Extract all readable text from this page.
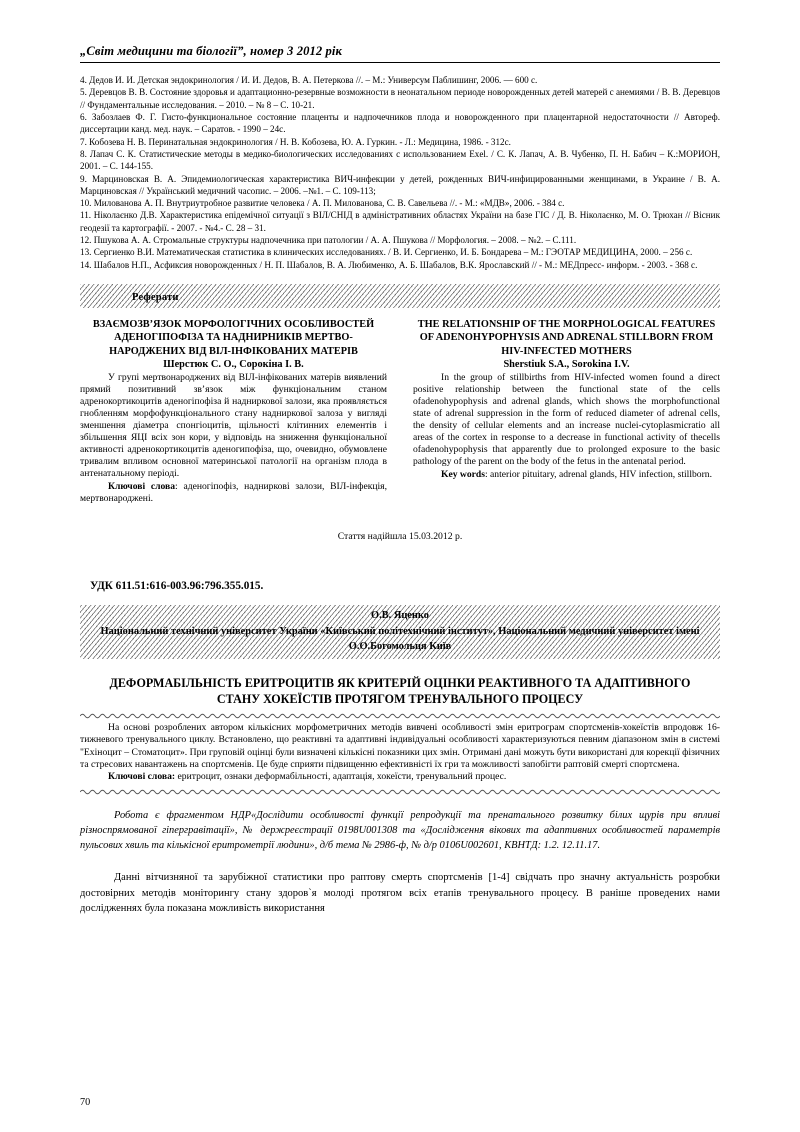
„Світ медицини та біології”, номер 3 2012 рік

4. Дедов И. И. Детская эндокринология / И. И. Дедов, В. А. Петеркова //. – М.: Универсум Паблишинг, 2006. — 600 с.

5. Деревцов В. В. Состояние здоровья и адаптационно-резервные возможности в неонатальном периоде новорожденных детей матерей с анемиями / В. В. Деревцов // Фундаментальные исследования. – 2010. – № 8 – С. 10-21.

6. Забозлаев Ф. Г. Гисто-функциональное состояние плаценты и надпочечников плода и новорожденного при плацентарной недостаточности // Автореф. диссертации канд. мед. наук. – Саратов. - 1990 – 24с.

7. Кобозева Н. В. Перинатальная эндокринология / Н. В. Кобозева, Ю. А. Гуркин. - Л.: Медицина, 1986. - 312с.

8. Лапач С. К. Статистические методы в медико-биологических исследованиях с использованием Exel. / С. К. Лапач, А. В. Чубенко, П. Н. Бабич – К.:МОРИОН, 2001. – С. 144-155.

9. Марциновская В. А. Эпидемиологическая характеристика ВИЧ-инфекции у детей, рожденных ВИЧ-инфицированными женщинами, в Украине / В. А. Марциновская // Український медичний часопис. – 2006. –№1. – С. 109-113;

10. Милованова А. П. Внутриутробное развитие человека / А. П. Милованова, С. В. Савельева //. - М.: «МДВ», 2006. - 384 с.

11. Ніколаєнко Д.В. Характеристика епідемічної ситуації з ВІЛ/СНІД в адміністративних областях України на базе ГІС / Д. В. Ніколаєнко, М. О. Трюхан // Вісник геодезії та картографії. - 2007. - №4.- С. 28 – 31.

12. Пшукова А. А. Стромальные структуры надпочечника при патологии / А. А. Пшукова // Морфология. – 2008. – №2. – С.111.

13. Сергиенко В.И. Математическая статистика в клинических исследованиях. / В. И. Сергиенко, И. Б. Бондарева – М.: ГЭОТАР МЕДИЦИНА, 2000. – 256 с.

14. Шабалов Н.П., Асфиксия новорожденных / Н. П. Шабалов, В. А. Любименко, А. Б. Шабалов, В.К. Ярославский // - М.: МЕДпресс- информ. - 2003. - 368 с.

Реферати
ВЗАЄМОЗВ’ЯЗОК МОРФОЛОГІЧНИХ ОСОБЛИВОСТЕЙ АДЕНОГІПОФІЗА ТА НАДНИРНИКІВ МЕРТВО-НАРОДЖЕНИХ ВІД ВІЛ-ІНФІКОВАНИХ МАТЕРІВ
Шерстюк С. О., Сорокіна І. В.
У групі мертвонароджених від ВІЛ-інфікованих матерів виявлений прямий позитивний зв’язок між функціональним станом адренокортикоцитів аденогіпофіза й надниркової залози, яка проявляється гнобленням морфофункціонального стану надниркової залоза у вигляді зменшення діаметра спонгіоцитів, щільності клітинних елементів і збільшення ЯЦІ всіх зон кори, у відповідь на зниження функціональної активності адренокортикоцитів аденогипофіза, що, очевидно, обумовлене тривалим впливом основної материнської патології на організм плода в антенатальному періоді.
Ключові слова: аденогіпофіз, надниркові залози, ВІЛ-інфекція, мертвонароджені.
THE RELATIONSHIP OF THE MORPHOLOGICAL FEATURES OF ADENOHYPOPHYSIS AND ADRENAL STILLBORN FROM HIV-INFECTED MOTHERS
Sherstiuk S.A., Sorokina I.V.
In the group of stillbirths from HIV-infected women found a direct positive relationship between the functional state of the cells ofadenohypophysis and adrenal glands, which shows the morphofunctional state of adrenal suppression in the form of reduced diameter of adrenal cells, the density of cellular elements and an increase nuclei-cytoplasmicratio all areas of the cortex in response to a decrease in functional activity of thecells ofadenohypophysis that apparently due to prolonged exposure to the basic pathology of the parent on the body of the fetus in the antenatal period.
Key words: anterior pituitary, adrenal glands, HIV infection, stillborn.
Стаття надійшла 15.03.2012 р.
УДК 611.51:616-003.96:796.355.015.
О.В. Яценко
Національний технічний університет України «Київський політехнічний інститут», Національний медичний університет імені О.О.Богомольця Київ
ДЕФОРМАБІЛЬНІСТЬ ЕРИТРОЦИТІВ ЯК КРИТЕРІЙ ОЦІНКИ РЕАКТИВНОГО ТА АДАПТИВНОГО СТАНУ ХОКЕЇСТІВ ПРОТЯГОМ ТРЕНУВАЛЬНОГО ПРОЦЕСУ
На основі розроблених автором кількісних морфометричних методів вивчені особливості змін еритрограм спортсменів-хокеїстів впродовж 16-тижневого тренувального циклу. Встановлено, що реактивні та адаптивні індивідуальні особливості характеризуються певним діапазоном змін в системі "Ехіноцит – Стоматоцит». При груповій оцінці були визначені кількісні показники цих змін. Отримані дані можуть бути використані для корекції фізичних та стресових навантажень на спортсменів. Це буде сприяти підвищенню ефективністі їх гри та можливості запобігти раптовій смерті спортсмена.
Ключові слова: еритроцит, ознаки деформабільності, адаптація, хокеїсти, тренувальний процес.
Робота є фрагментом НДР«Дослідити особливості функції репродукції та пренатального розвитку білих щурів при впливі різноспрямованої гіпергравітації», № держреєстрації 0198U001308 та «Дослідження вікових та адаптивних особливостей параметрів пульсових хвиль та кількісної еритрометрії людини», д/б тема № 2986-ф, № д/р 0106U002601, КВНТД: 1.2. 12.11.17.
Данні вітчизняної та зарубіжної статистики про раптову смерть спортсменів [1-4] свідчать про значну актуальність розробки достовірних методів моніторингу стану здоров`я молоді протягом всіх етапів тренувального процесу. В раніше проведених нами дослідженнях була показана можливість використання
70
